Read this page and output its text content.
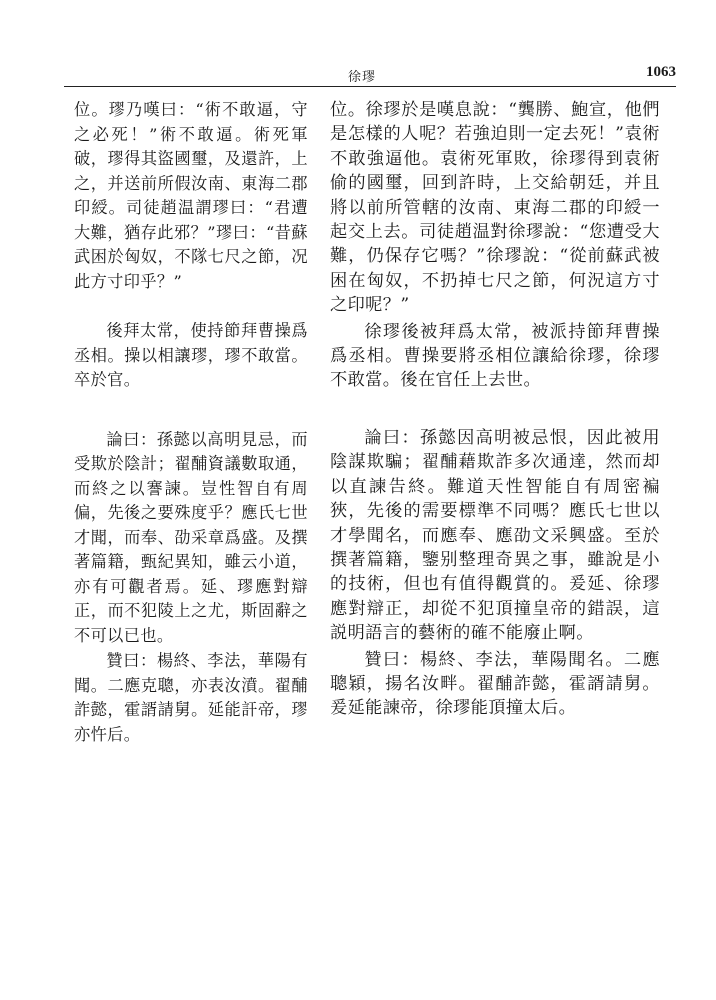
徐璆	1063

位。璆乃嘆曰：“術不敢逼，守之必死！”術不敢逼。術死軍破，璆得其盜國璽，及還許，上之，并送前所假汝南、東海二郡印綬。司徒趙温謂璆曰：“君遭大難，猶存此邪？”璆曰：“昔蘇武困於匈奴，不隊七尺之節，况此方寸印乎？”

後拜太常，使持節拜曹操爲丞相。操以相讓璆，璆不敢當。卒於官。

論曰：孫懿以高明見忌，而受欺於陰計；翟酺資議數取通，而終之以謇諫。豈性智自有周偏，先後之要殊度乎？應氏七世才聞，而奉、劭采章爲盛。及撰著篇籍，甄紀異知，雖云小道，亦有可觀者焉。延、璆應對辯正，而不犯陵上之尤，斯固辭之不可以已也。

贊曰：楊終、李法，華陽有聞。二應克聰，亦表汝濆。翟酺詐懿，霍諝請舅。延能訐帝，璆亦忤后。

位。徐璆於是嘆息說：“龔勝、鮑宣，他們是怎樣的人呢？若強迫則一定去死！”袁術不敢強逼他。袁術死軍敗，徐璆得到袁術偷的國璽，回到許時，上交給朝廷，并且將以前所管轄的汝南、東海二郡的印綬一起交上去。司徒趙温對徐璆說：“您遭受大難，仍保存它嗎？”徐璆說：“從前蘇武被困在匈奴，不扔掉七尺之節，何況這方寸之印呢？”

徐璆後被拜爲太常，被派持節拜曹操爲丞相。曹操要將丞相位讓給徐璆，徐璆不敢當。後在官任上去世。

論曰：孫懿因高明被忌恨，因此被用陰謀欺騙；翟酺藉欺詐多次通達，然而却以直諫告終。難道天性智能自有周密褊狹，先後的需要標準不同嗎？應氏七世以才學聞名，而應奉、應劭文采興盛。至於撰著篇籍，鑒别整理奇異之事，雖說是小的技術，但也有值得觀賞的。爰延、徐璆應對辯正，却從不犯頂撞皇帝的錯誤，這説明語言的藝術的確不能廢止啊。

贊曰：楊終、李法，華陽聞名。二應聰穎，揚名汝畔。翟酺詐懿，霍諝請舅。爰延能諫帝，徐璆能頂撞太后。
